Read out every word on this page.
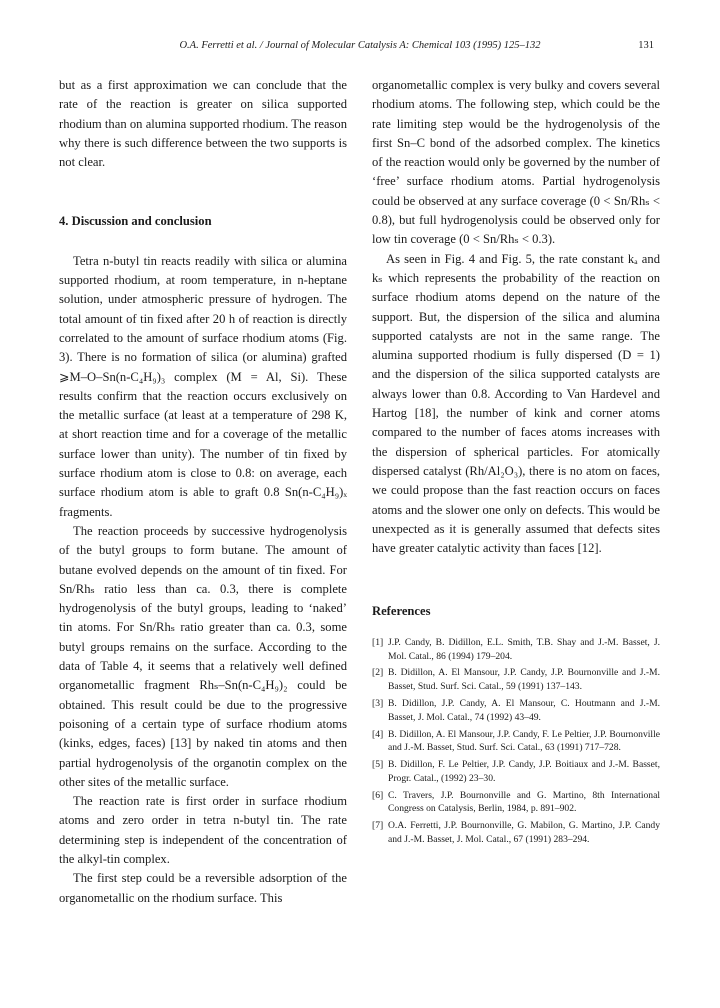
O.A. Ferretti et al. / Journal of Molecular Catalysis A: Chemical 103 (1995) 125–132	131

but as a first approximation we can conclude that the rate of the reaction is greater on silica supported rhodium than on alumina supported rhodium. The reason why there is such difference between the two supports is not clear.

4. Discussion and conclusion

Tetra n-butyl tin reacts readily with silica or alumina supported rhodium, at room temperature, in n-heptane solution, under atmospheric pressure of hydrogen. The total amount of tin fixed after 20 h of reaction is directly correlated to the amount of surface rhodium atoms (Fig. 3). There is no formation of silica (or alumina) grafted ⩾M–O–Sn(n-C₄H₉)₃ complex (M = Al, Si). These results confirm that the reaction occurs exclusively on the metallic surface (at least at a temperature of 298 K, at short reaction time and for a coverage of the metallic surface lower than unity). The number of tin fixed by surface rhodium atom is close to 0.8: on average, each surface rhodium atom is able to graft 0.8 Sn(n-C₄H₉)ₓ fragments.

The reaction proceeds by successive hydrogenolysis of the butyl groups to form butane. The amount of butane evolved depends on the amount of tin fixed. For Sn/Rhₛ ratio less than ca. 0.3, there is complete hydrogenolysis of the butyl groups, leading to ‘naked’ tin atoms. For Sn/Rhₛ ratio greater than ca. 0.3, some butyl groups remains on the surface. According to the data of Table 4, it seems that a relatively well defined organometallic fragment Rhₛ–Sn(n-C₄H₉)₂ could be obtained. This result could be due to the progressive poisoning of a certain type of surface rhodium atoms (kinks, edges, faces) [13] by naked tin atoms and then partial hydrogenolysis of the organotin complex on the other sites of the metallic surface.

The reaction rate is first order in surface rhodium atoms and zero order in tetra n-butyl tin. The rate determining step is independent of the concentration of the alkyl-tin complex.

The first step could be a reversible adsorption of the organometallic on the rhodium surface. This

organometallic complex is very bulky and covers several rhodium atoms. The following step, which could be the rate limiting step would be the hydrogenolysis of the first Sn–C bond of the adsorbed complex. The kinetics of the reaction would only be governed by the number of ‘free’ surface rhodium atoms. Partial hydrogenolysis could be observed at any surface coverage (0 < Sn/Rhₛ < 0.8), but full hydrogenolysis could be observed only for low tin coverage (0 < Sn/Rhₛ < 0.3).

As seen in Fig. 4 and Fig. 5, the rate constant kₐ and kₛ which represents the probability of the reaction on surface rhodium atoms depend on the nature of the support. But, the dispersion of the silica and alumina supported catalysts are not in the same range. The alumina supported rhodium is fully dispersed (D = 1) and the dispersion of the silica supported catalysts are always lower than 0.8. According to Van Hardevel and Hartog [18], the number of kink and corner atoms compared to the number of faces atoms increases with the dispersion of spherical particles. For atomically dispersed catalyst (Rh/Al₂O₃), there is no atom on faces, we could propose than the fast reaction occurs on faces atoms and the slower one only on defects. This would be unexpected as it is generally assumed that defects sites have greater catalytic activity than faces [12].

References
[1] J.P. Candy, B. Didillon, E.L. Smith, T.B. Shay and J.-M. Basset, J. Mol. Catal., 86 (1994) 179–204.
[2] B. Didillon, A. El Mansour, J.P. Candy, J.P. Bournonville and J.-M. Basset, Stud. Surf. Sci. Catal., 59 (1991) 137–143.
[3] B. Didillon, J.P. Candy, A. El Mansour, C. Houtmann and J.-M. Basset, J. Mol. Catal., 74 (1992) 43–49.
[4] B. Didillon, A. El Mansour, J.P. Candy, F. Le Peltier, J.P. Bournonville and J.-M. Basset, Stud. Surf. Sci. Catal., 63 (1991) 717–728.
[5] B. Didillon, F. Le Peltier, J.P. Candy, J.P. Boitiaux and J.-M. Basset, Progr. Catal., (1992) 23–30.
[6] C. Travers, J.P. Bournonville and G. Martino, 8th International Congress on Catalysis, Berlin, 1984, p. 891–902.
[7] O.A. Ferretti, J.P. Bournonville, G. Mabilon, G. Martino, J.P. Candy and J.-M. Basset, J. Mol. Catal., 67 (1991) 283–294.
